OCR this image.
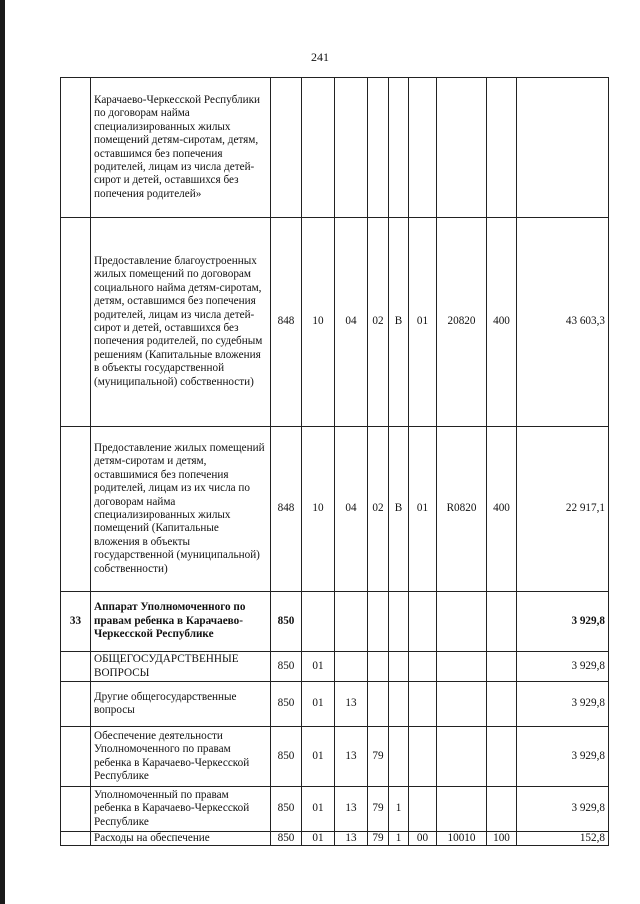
241
	Карачаево-Черкесской Республики по договорам найма специализированных жилых помещений детям-сиротам, детям, оставшимся без попечения родителей, лицам из числа детей-сирот и детей, оставшихся без попечения родителей»									
	Предоставление благоустроенных жилых помещений по договорам социального найма детям-сиротам, детям, оставшимся без попечения родителей, лицам из числа детей-сирот и детей, оставшихся без попечения родителей, по судебным решениям (Капитальные вложения в объекты государственной (муниципальной) собственности)	848	10	04	02	В	01	20820	400	43 603,3
	Предоставление жилых помещений детям-сиротам и детям, оставшимися без попечения родителей, лицам из их числа по договорам найма специализированных жилых помещений (Капитальные вложения в объекты государственной (муниципальной) собственности)	848	10	04	02	В	01	R0820	400	22 917,1
33	Аппарат Уполномоченного по правам ребенка в Карачаево-Черкесской Республике	850								3 929,8
	ОБЩЕГОСУДАРСТВЕННЫЕ ВОПРОСЫ	850	01							3 929,8
	Другие общегосударственные вопросы	850	01	13						3 929,8
	Обеспечение деятельности Уполномоченного по правам ребенка в Карачаево-Черкесской Республике	850	01	13	79					3 929,8
	Уполномоченный по правам ребенка в Карачаево-Черкесской Республике	850	01	13	79	1				3 929,8
	Расходы на обеспечение	850	01	13	79	1	00	10010	100	152,8
